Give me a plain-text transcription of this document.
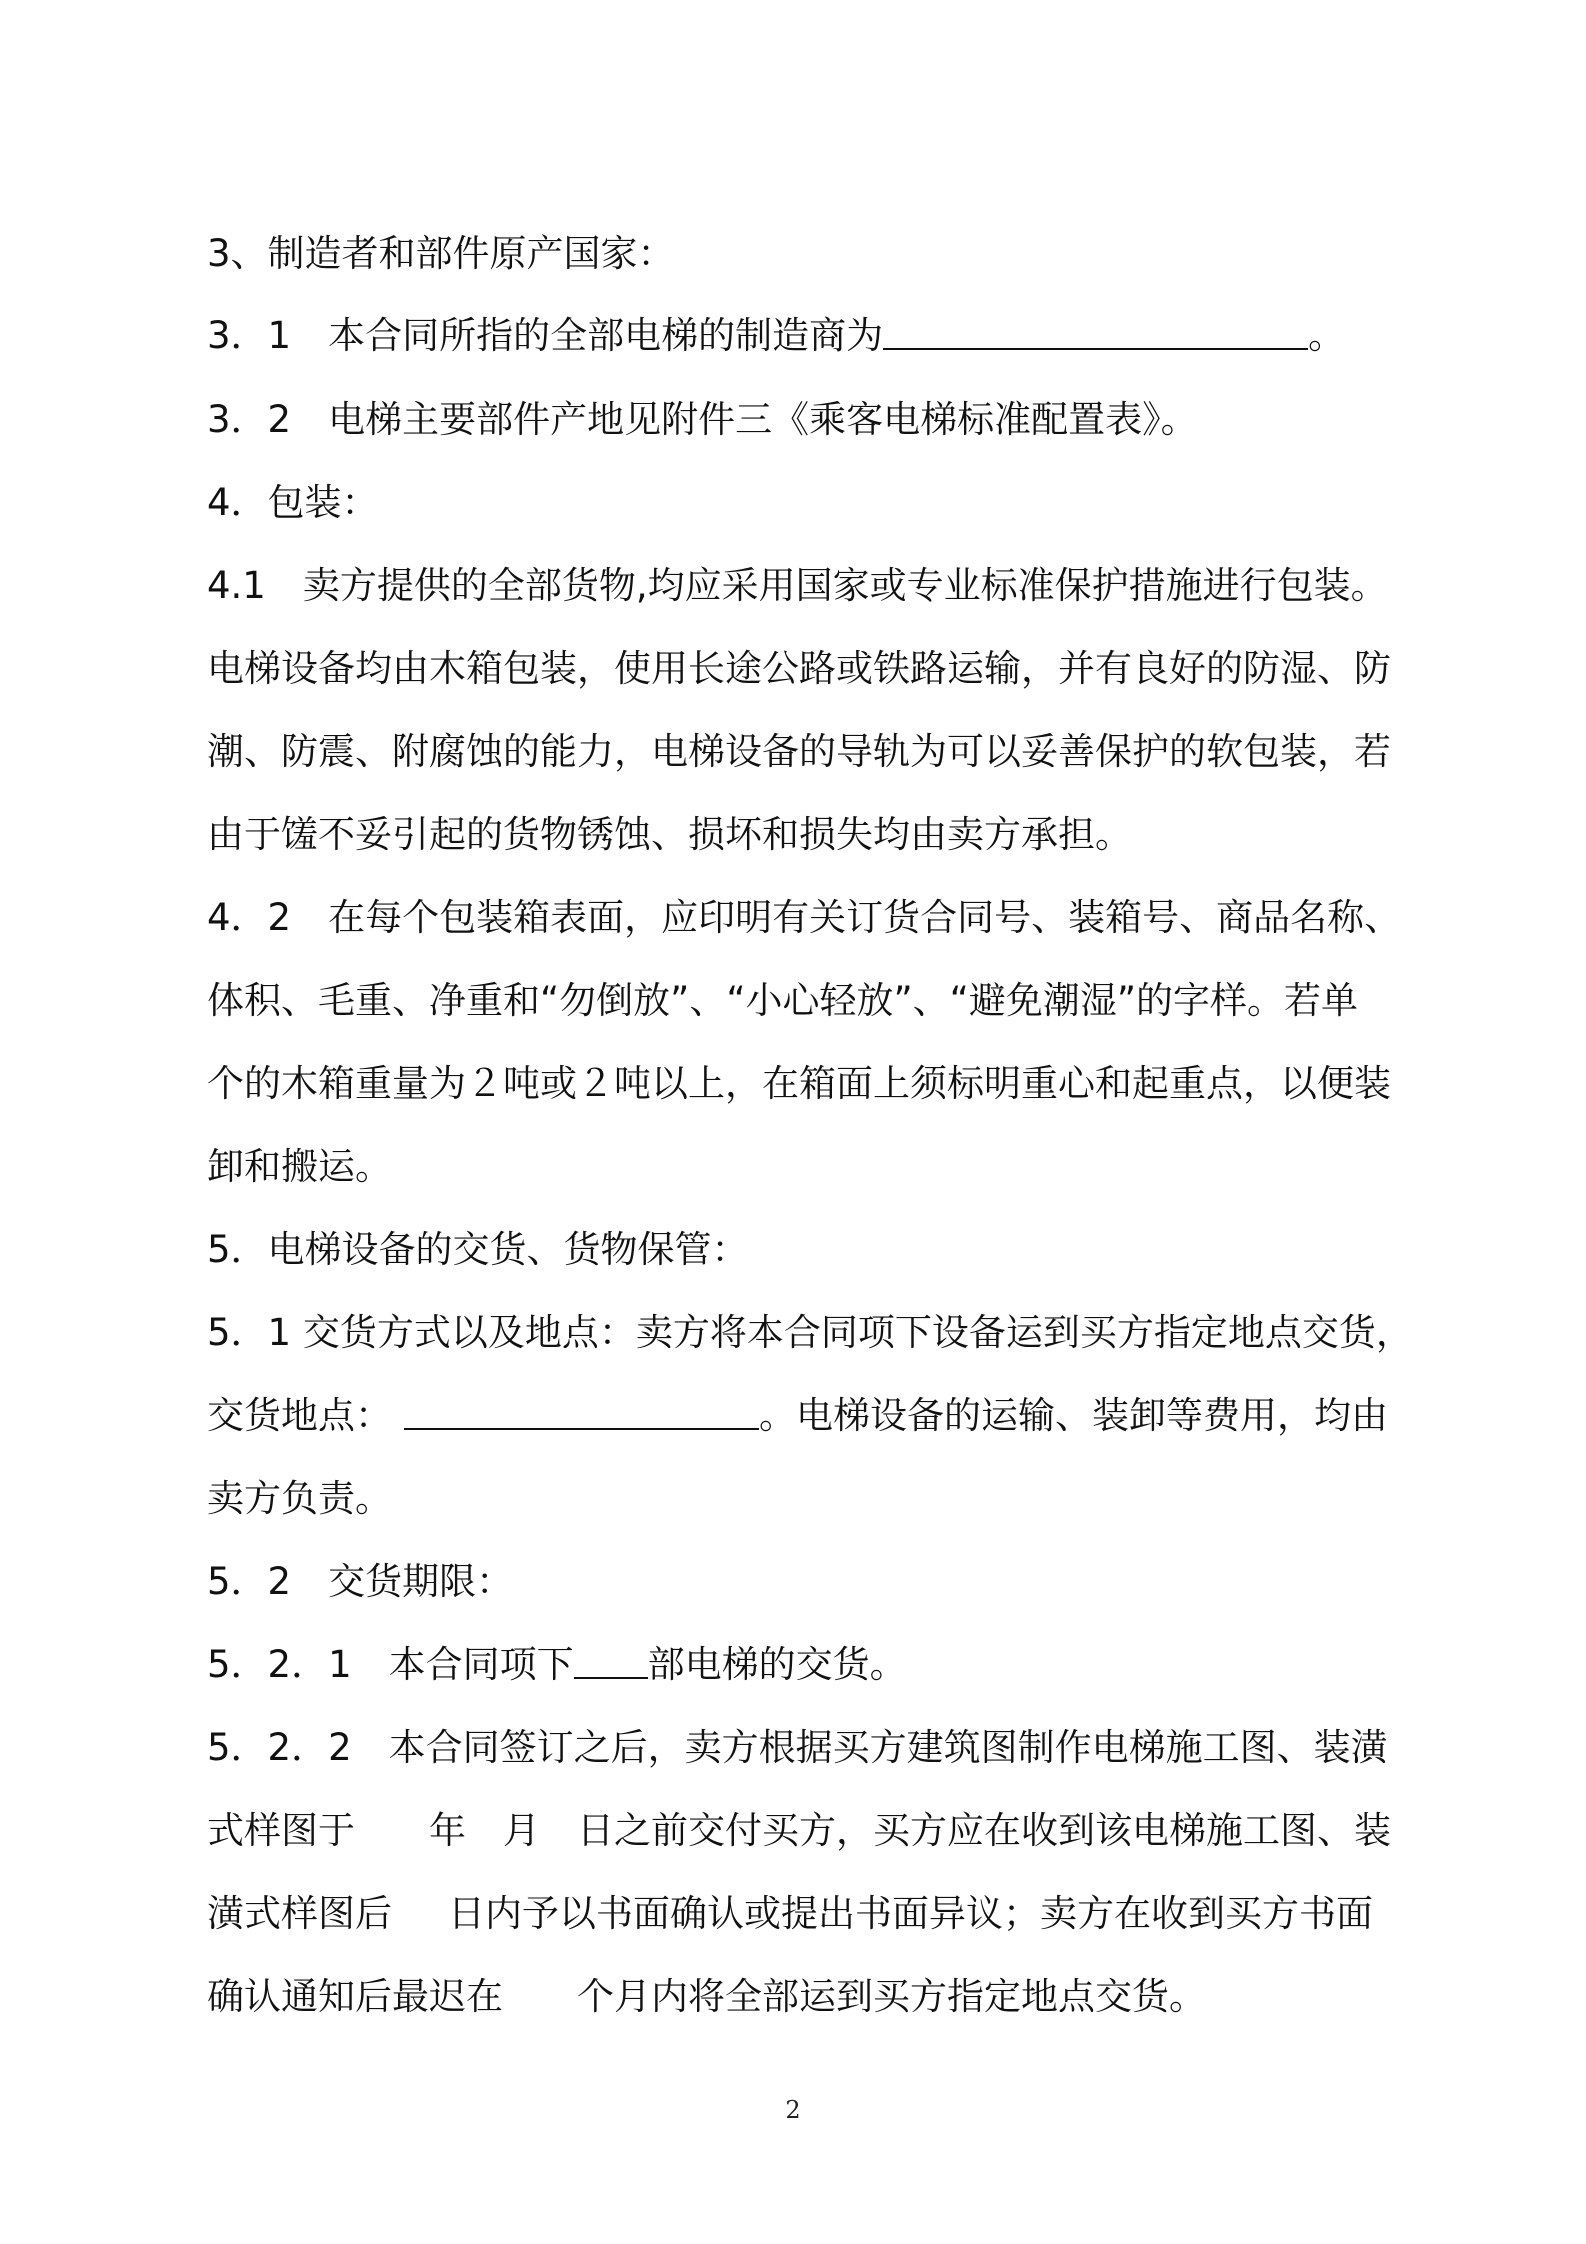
3、制造者和部件原产国家：
3．1　本合同所指的全部电梯的制造商为	。
3．2　电梯主要部件产地见附件三《乘客电梯标准配置表》。
4．包装：
4.1　卖方提供的全部货物,均应采用国家或专业标准保护措施进行包装。
电梯设备均由木箱包装，使用长途公路或铁路运输，并有良好的防湿、防
潮、防震、附腐蚀的能力，电梯设备的导轨为可以妥善保护的软包装，若
由于馐不妥引起的货物锈蚀、损坏和损失均由卖方承担。
4．2　在每个包装箱表面，应印明有关订货合同号、装箱号、商品名称、
体积、毛重、净重和“勿倒放”、“小心轻放”、“避免潮湿”的字样。若单
个的木箱重量为２吨或２吨以上，在箱面上须标明重心和起重点，以便装
卸和搬运。
5．电梯设备的交货、货物保管：
5．1 交货方式以及地点：卖方将本合同项下设备运到买方指定地点交货，
交货地点：	。电梯设备的运输、装卸等费用，均由
卖方负责。
5．2　交货期限：
5．2．1　本合同项下 部电梯的交货。
5．2．2　本合同签订之后，卖方根据买方建筑图制作电梯施工图、装潢
式样图于 年 月 日之前交付买方，买方应在收到该电梯施工图、装
潢式样图后 日内予以书面确认或提出书面异议；卖方在收到买方书面
确认通知后最迟在 个月内将全部运到买方指定地点交货。
2
